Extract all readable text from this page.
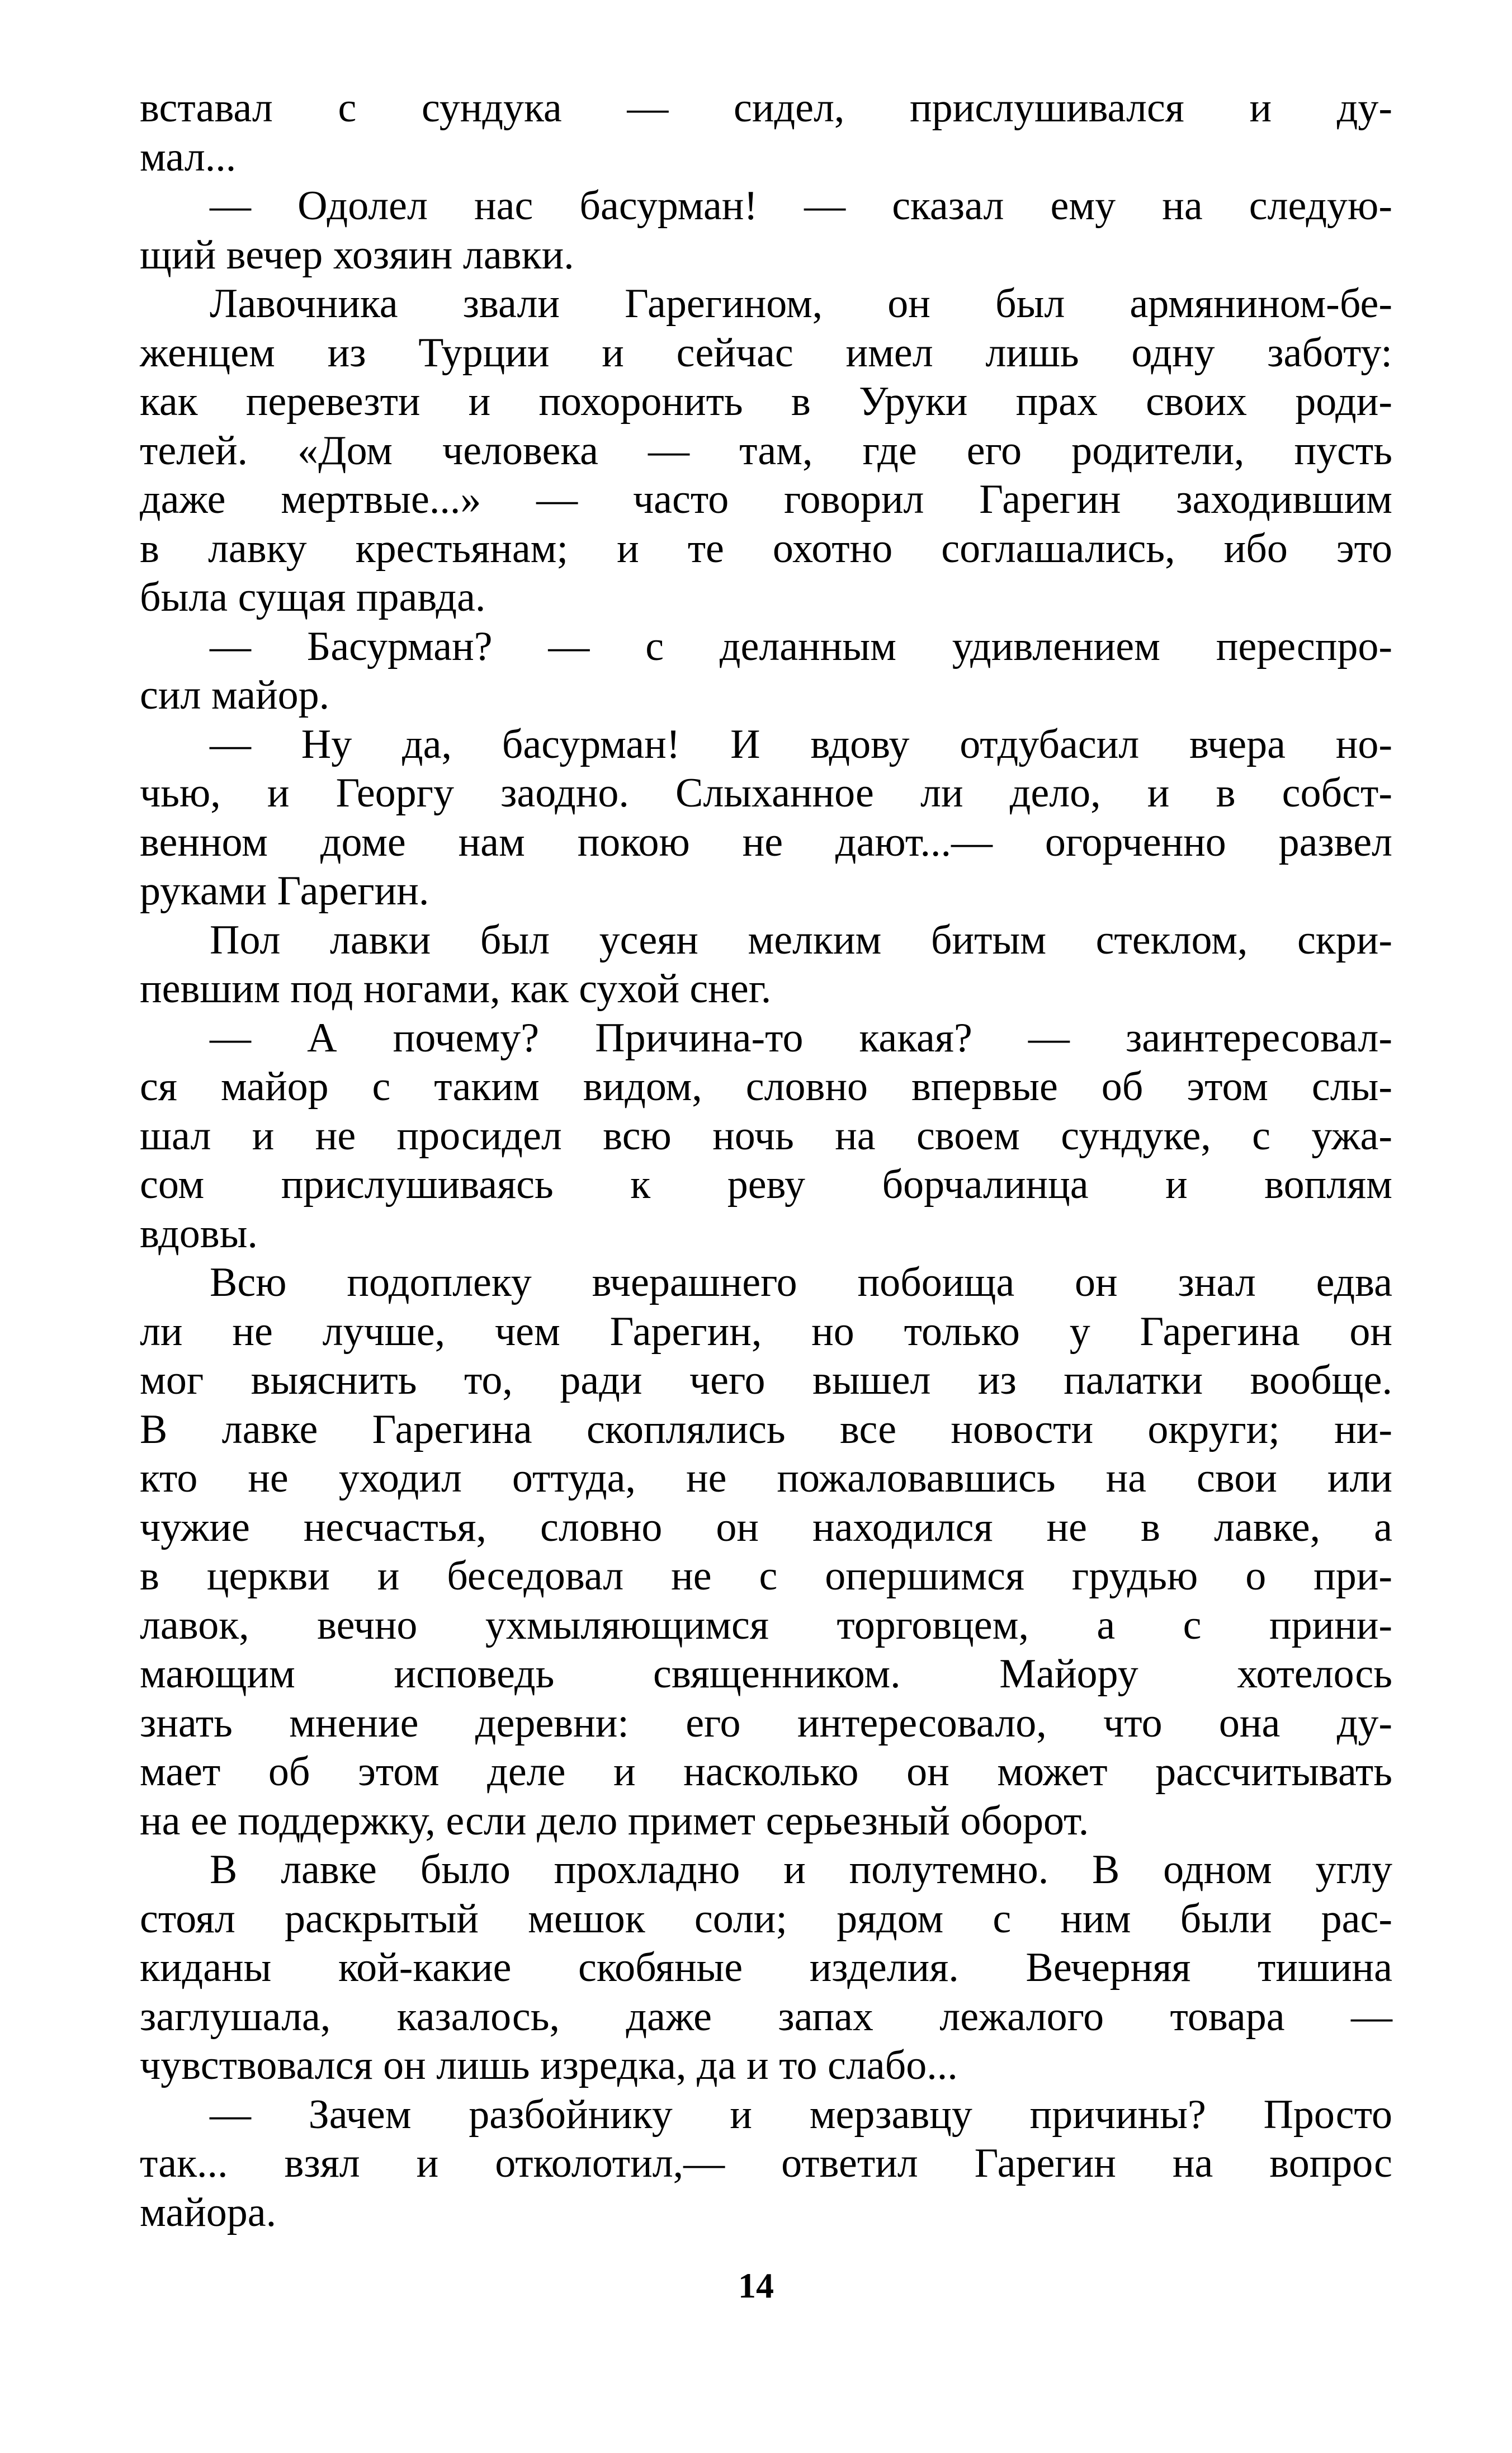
вставал с сундука — сидел, прислушивался и ду-
мал...
— Одолел нас басурман! — сказал ему на следую-
щий вечер хозяин лавки.
Лавочника звали Гарегином, он был армянином-бе-
женцем из Турции и сейчас имел лишь одну заботу:
как перевезти и похоронить в Уруки прах своих роди-
телей. «Дом человека — там, где его родители, пусть
даже мертвые...» — часто говорил Гарегин заходившим
в лавку крестьянам; и те охотно соглашались, ибо это
была сущая правда.
— Басурман? — с деланным удивлением переспро-
сил майор.
— Ну да, басурман! И вдову отдубасил вчера но-
чью, и Георгу заодно. Слыханное ли дело, и в собст-
венном доме нам покою не дают...— огорченно развел
руками Гарегин.
Пол лавки был усеян мелким битым стеклом, скри-
певшим под ногами, как сухой снег.
— А почему? Причина-то какая? — заинтересовал-
ся майор с таким видом, словно впервые об этом слы-
шал и не просидел всю ночь на своем сундуке, с ужа-
сом прислушиваясь к реву борчалинца и воплям
вдовы.
Всю подоплеку вчерашнего побоища он знал едва
ли не лучше, чем Гарегин, но только у Гарегина он
мог выяснить то, ради чего вышел из палатки вообще.
В лавке Гарегина скоплялись все новости округи; ни-
кто не уходил оттуда, не пожаловавшись на свои или
чужие несчастья, словно он находился не в лавке, а
в церкви и беседовал не с опершимся грудью о при-
лавок, вечно ухмыляющимся торговцем, а с прини-
мающим исповедь священником. Майору хотелось
знать мнение деревни: его интересовало, что она ду-
мает об этом деле и насколько он может рассчитывать
на ее поддержку, если дело примет серьезный оборот.
В лавке было прохладно и полутемно. В одном углу
стоял раскрытый мешок соли; рядом с ним были рас-
киданы кой-какие скобяные изделия. Вечерняя тишина
заглушала, казалось, даже запах лежалого товара —
чувствовался он лишь изредка, да и то слабо...
— Зачем разбойнику и мерзавцу причины? Просто
так... взял и отколотил,— ответил Гарегин на вопрос
майора.
14
